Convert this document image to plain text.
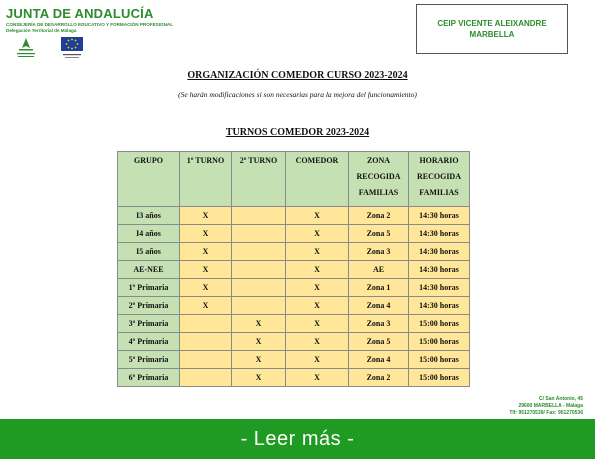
JUNTA DE ANDALUCÍA
CONSEJERÍA DE DESARROLLO EDUCATIVO Y FORMACIÓN PROFESIONAL
Delegación Territorial de Málaga
CEIP VICENTE ALEIXANDRE
MARBELLA
ORGANIZACIÓN COMEDOR CURSO 2023-2024
(Se harán modificaciones si son necesarias para la mejora del funcionamiento)
TURNOS COMEDOR 2023-2024
GRUPO	1º TURNO	2º TURNO	COMEDOR	ZONA RECOGIDA FAMILIAS	HORARIO RECOGIDA FAMILIAS
I3 años	X		X	Zona 2	14:30 horas
I4 años	X		X	Zona 5	14:30 horas
I5 años	X		X	Zona 3	14:30 horas
AE-NEE	X		X	AE	14:30 horas
1º Primaria	X		X	Zona 1	14:30 horas
2º Primaria	X		X	Zona 4	14:30 horas
3º Primaria		X	X	Zona 3	15:00 horas
4º Primaria		X	X	Zona 5	15:00 horas
5º Primaria		X	X	Zona 4	15:00 horas
6º Primaria		X	X	Zona 2	15:00 horas
C/ San Antonio, 45
29600 MARBELLA - Málaga
Tlf: 951270539/ Fax: 951270536
- Leer más -
